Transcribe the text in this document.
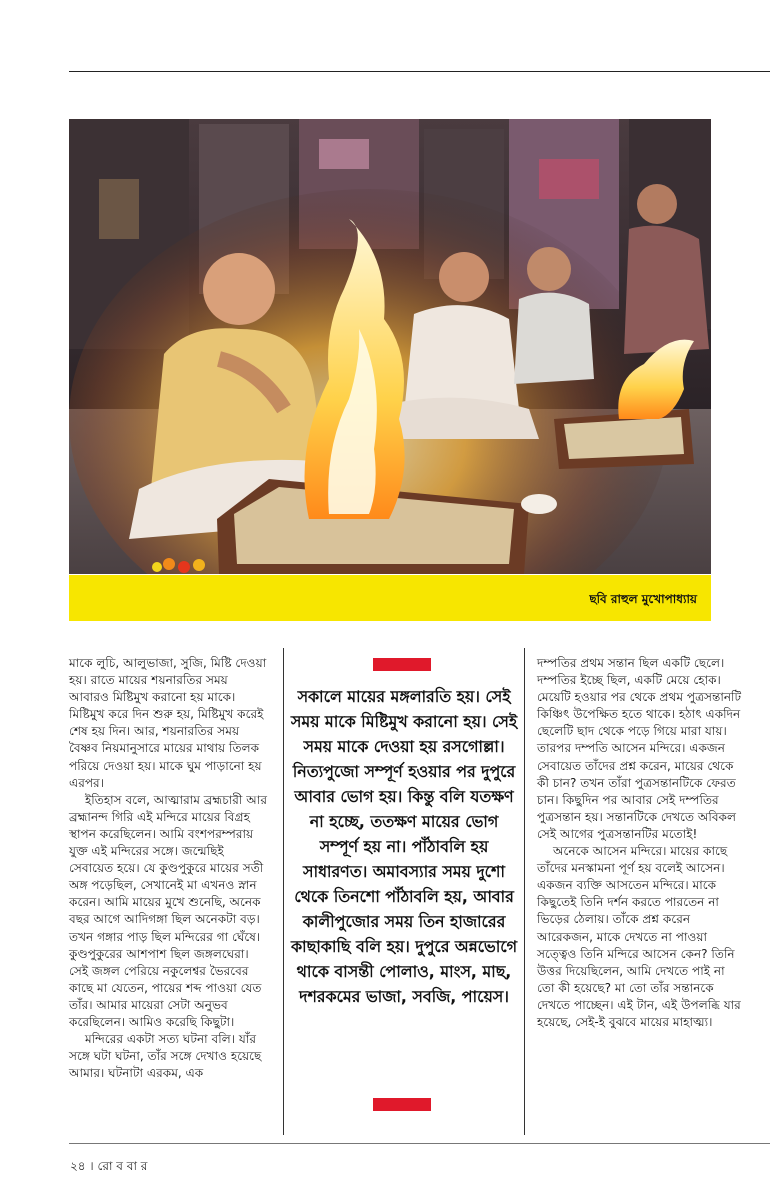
ছবি রাহুল মুখোপাধ্যায়

মাকে লুচি, আলুভাজা, সুজি, মিষ্টি দেওয়া হয়। রাতে মায়ের শয়নারতির সময় আবারও মিষ্টিমুখ করানো হয় মাকে। মিষ্টিমুখ করে দিন শুরু হয়, মিষ্টিমুখ করেই শেষ হয় দিন। আর, শয়নারতির সময় বৈষ্ণব নিয়মানুসারে মায়ের মাথায় তিলক পরিয়ে দেওয়া হয়। মাকে ঘুম পাড়ানো হয় এরপর।

ইতিহাস বলে, আত্মারাম ব্রহ্মচারী আর ব্রহ্মানন্দ গিরি এই মন্দিরে মায়ের বিগ্রহ স্থাপন করেছিলেন। আমি বংশপরম্পরায় যুক্ত এই মন্দিরের সঙ্গে। জন্মেছিই সেবায়েত হয়ে। যে কুণ্ডপুকুরে মায়ের সতী অঙ্গ পড়েছিল, সেখানেই মা এখনও স্নান করেন। আমি মায়ের মুখে শুনেছি, অনেক বছর আগে আদিগঙ্গা ছিল অনেকটা বড়। তখন গঙ্গার পাড় ছিল মন্দিরের গা ঘেঁষে। কুণ্ডপুকুরের আশপাশ ছিল জঙ্গলঘেরা। সেই জঙ্গল পেরিয়ে নকুলেশ্বর ভৈরবের কাছে মা যেতেন, পায়ের শব্দ পাওয়া যেত তাঁর। আমার মায়েরা সেটা অনুভব করেছিলেন। আমিও করেছি কিছুটা।

মন্দিরের একটা সত্য ঘটনা বলি। যাঁর সঙ্গে ঘটা ঘটনা, তাঁর সঙ্গে দেখাও হয়েছে আমার। ঘটনাটা এরকম, এক

সকালে মায়ের মঙ্গলারতি হয়। সেই সময় মাকে মিষ্টিমুখ করানো হয়। সেই সময় মাকে দেওয়া হয় রসগোল্লা। নিত্যপুজো সম্পূর্ণ হওয়ার পর দুপুরে আবার ভোগ হয়। কিন্তু বলি যতক্ষণ না হচ্ছে, ততক্ষণ মায়ের ভোগ সম্পূর্ণ হয় না। পাঁঠাবলি হয় সাধারণত। অমাবস্যার সময় দুশো থেকে তিনশো পাঁঠাবলি হয়, আবার কালীপুজোর সময় তিন হাজারের কাছাকাছি বলি হয়। দুপুরে অন্নভোগে থাকে বাসন্তী পোলাও, মাংস, মাছ, দশরকমের ভাজা, সবজি, পায়েস।

দম্পতির প্রথম সন্তান ছিল একটি ছেলে। দম্পতির ইচ্ছে ছিল, একটি মেয়ে হোক। মেয়েটি হওয়ার পর থেকে প্রথম পুত্রসন্তানটি কিঞ্চিৎ উপেক্ষিত হতে থাকে। হঠাৎ একদিন ছেলেটি ছাদ থেকে পড়ে গিয়ে মারা যায়। তারপর দম্পতি আসেন মন্দিরে। একজন সেবায়েত তাঁদের প্রশ্ন করেন, মায়ের থেকে কী চান? তখন তাঁরা পুত্রসন্তানটিকে ফেরত চান। কিছুদিন পর আবার সেই দম্পতির পুত্রসন্তান হয়। সন্তানটিকে দেখতে অবিকল সেই আগের পুত্রসন্তানটির মতোই!

অনেকে আসেন মন্দিরে। মায়ের কাছে তাঁদের মনস্কামনা পূর্ণ হয় বলেই আসেন। একজন ব্যক্তি আসতেন মন্দিরে। মাকে কিছুতেই তিনি দর্শন করতে পারতেন না ভিড়ের ঠেলায়। তাঁকে প্রশ্ন করেন আরেকজন, মাকে দেখতে না পাওয়া সত্ত্বেও তিনি মন্দিরে আসেন কেন? তিনি উত্তর দিয়েছিলেন, আমি দেখতে পাই না তো কী হয়েছে? মা তো তাঁর সন্তানকে দেখতে পাচ্ছেন। এই টান, এই উপলব্ধি যার হয়েছে, সেই-ই বুঝবে মায়ের মাহাত্ম্য।

২৪ । রো ব বা র
